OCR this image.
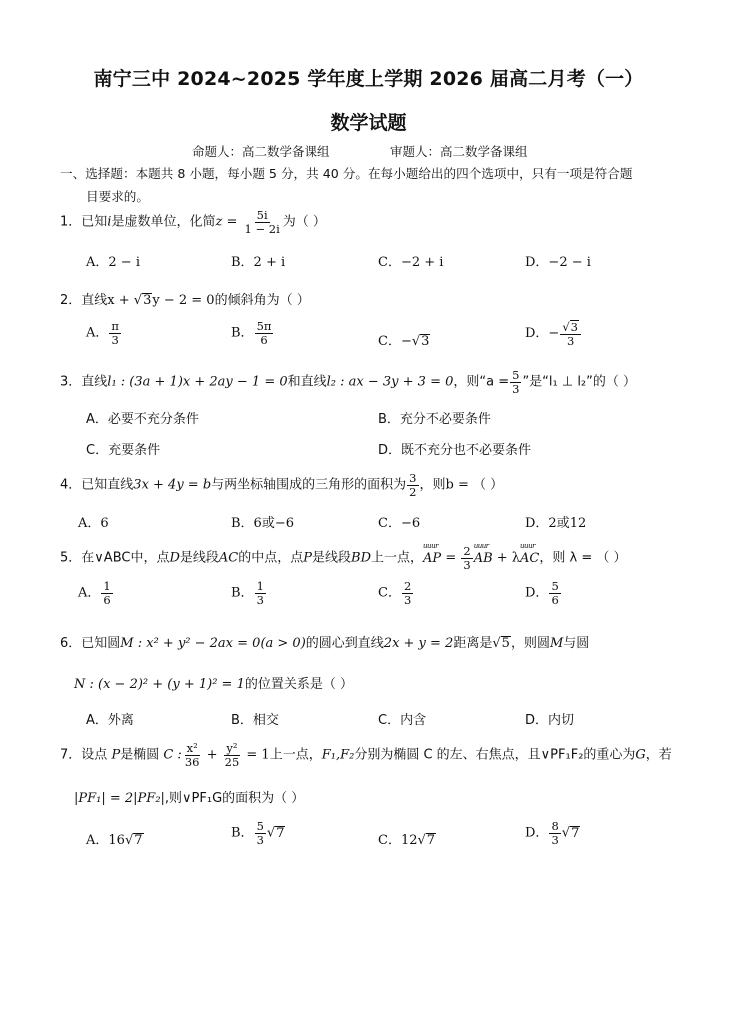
南宁三中 2024~2025 学年度上学期 2026 届高二月考（一）
数学试题
命题人：高二数学备课组	审题人：高二数学备课组
一、选择题：本题共 8 小题，每小题 5 分，共 40 分。在每小题给出的四个选项中，只有一项是符合题
目要求的。
1．已知i是虚数单位，化简$z = \frac{5i}{1 - 2i}$ 为（ ）
A．2 − i	B．2 + i	C．−2 + i	D．−2 − i
2．直线x + √3y − 2 = 0的倾斜角为（ ）
A． $\frac{\pi}{3}$	B． $\frac{5\pi}{6}$	C．−√3
D．− $\frac{√3}{3}$
3．直线l₁ : (3a + 1)x + 2ay − 1 = 0和直线l₂ : ax − 3y + 3 = 0，则“$a = \frac{5}{3}$ ”是“l₁ ⊥ l₂”的（ ）
A．必要不充分条件	B．充分不必要条件
C．充要条件	D．既不充分也不必要条件
4．已知直线3x + 4y = b与两坐标轴围成的三角形的面积为 $\frac{3}{2}$ ，则b = （ ）
A．6	B．6或−6	C．−6	D．2或12
5．在∨ABC中，点D是线段AC的中点，点P是线段BD上一点，uuur AP = $\frac{2}{3}$
uuur AB + λuuur AC，则 λ = （ ）
A． $\frac{1}{6}$	B． $\frac{1}{3}$	C． $\frac{2}{3}$	D． $\frac{5}{6}$
6．已知圆M : x² + y² − 2ax = 0(a > 0)的圆心到直线2x + y = 2距离是√5，则圆M与圆
N : (x − 2)² + (y + 1)² = 1的位置关系是（ ）
A．外离	B．相交	C．内含	D．内切
7．设点 P是椭圆 C : $\frac{\text{x²}}{36} + \frac{\text{y²}}{25} = 1$上一点，F₁,F₂分别为椭圆 C 的左、右焦点，且∨PF₁F₂的重心为G，若
|PF₁| = 2|PF₂|,则∨PF₁G的面积为（ ）
A．16√7	B． $\frac{5}{3} √7$	C．12√7	D． $\frac{8}{3} √7$
